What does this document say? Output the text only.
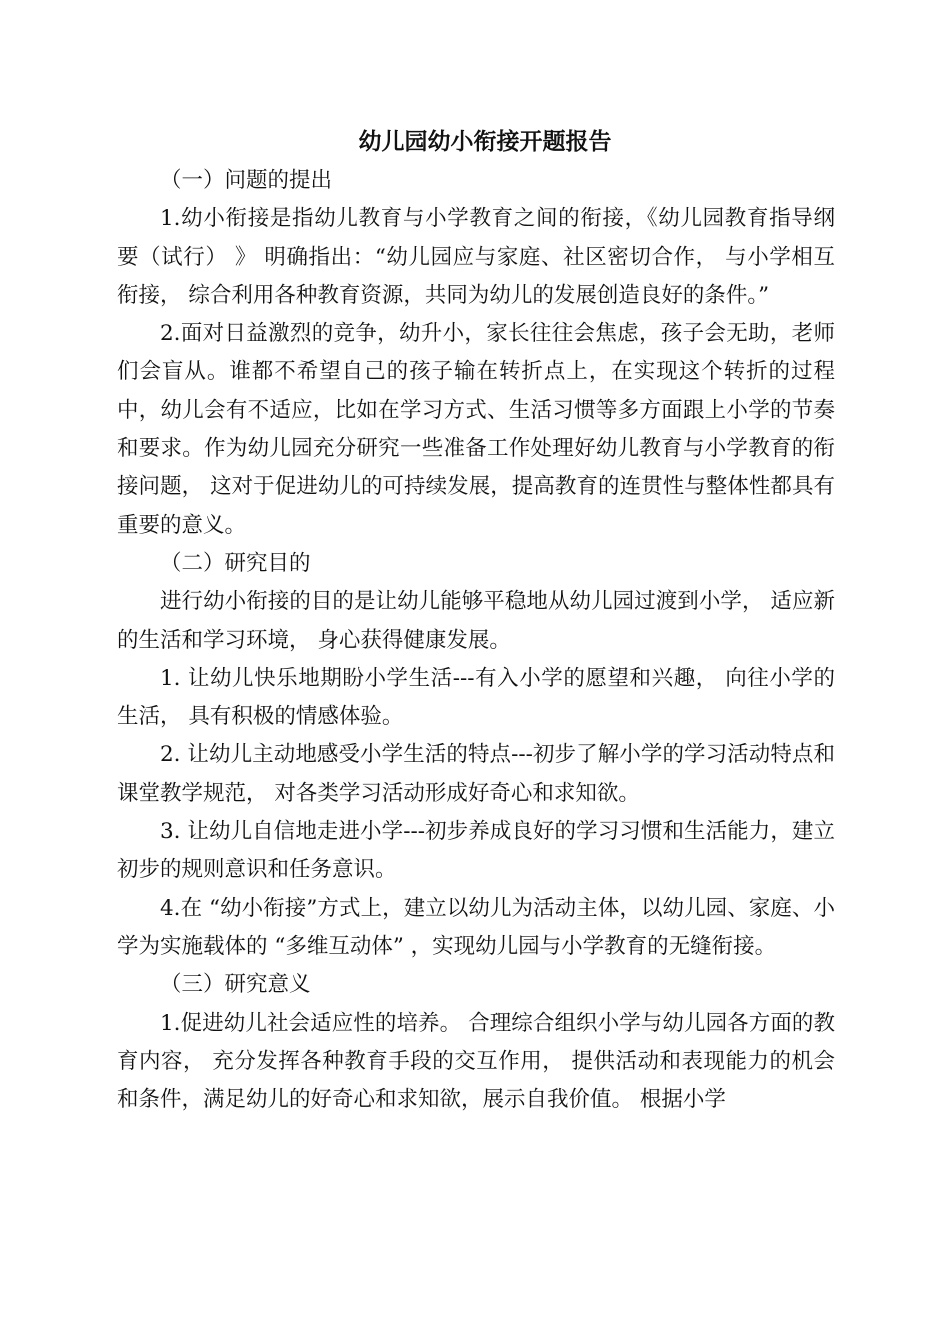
幼儿园幼小衔接开题报告

（一）问题的提出

1.幼小衔接是指幼儿教育与小学教育之间的衔接，《幼儿园教育指导纲要（试行） 》 明确指出：“幼儿园应与家庭、社区密切合作， 与小学相互衔接， 综合利用各种教育资源，共同为幼儿的发展创造良好的条件。”

2.面对日益激烈的竞争，幼升小，家长往往会焦虑，孩子会无助，老师们会盲从。谁都不希望自己的孩子输在转折点上，在实现这个转折的过程中，幼儿会有不适应，比如在学习方式、生活习惯等多方面跟上小学的节奏和要求。作为幼儿园充分研究一些准备工作处理好幼儿教育与小学教育的衔接问题， 这对于促进幼儿的可持续发展，提高教育的连贯性与整体性都具有重要的意义。

（二）研究目的

进行幼小衔接的目的是让幼儿能够平稳地从幼儿园过渡到小学， 适应新的生活和学习环境， 身心获得健康发展。

1. 让幼儿快乐地期盼小学生活---有入小学的愿望和兴趣， 向往小学的生活， 具有积极的情感体验。

2. 让幼儿主动地感受小学生活的特点---初步了解小学的学习活动特点和课堂教学规范， 对各类学习活动形成好奇心和求知欲。

3. 让幼儿自信地走进小学---初步养成良好的学习习惯和生活能力，建立初步的规则意识和任务意识。

4.在 “幼小衔接”方式上，建立以幼儿为活动主体，以幼儿园、家庭、小学为实施载体的 “多维互动体” ，实现幼儿园与小学教育的无缝衔接。

（三）研究意义

1.促进幼儿社会适应性的培养。 合理综合组织小学与幼儿园各方面的教育内容， 充分发挥各种教育手段的交互作用， 提供活动和表现能力的机会和条件，满足幼儿的好奇心和求知欲，展示自我价值。 根据小学
